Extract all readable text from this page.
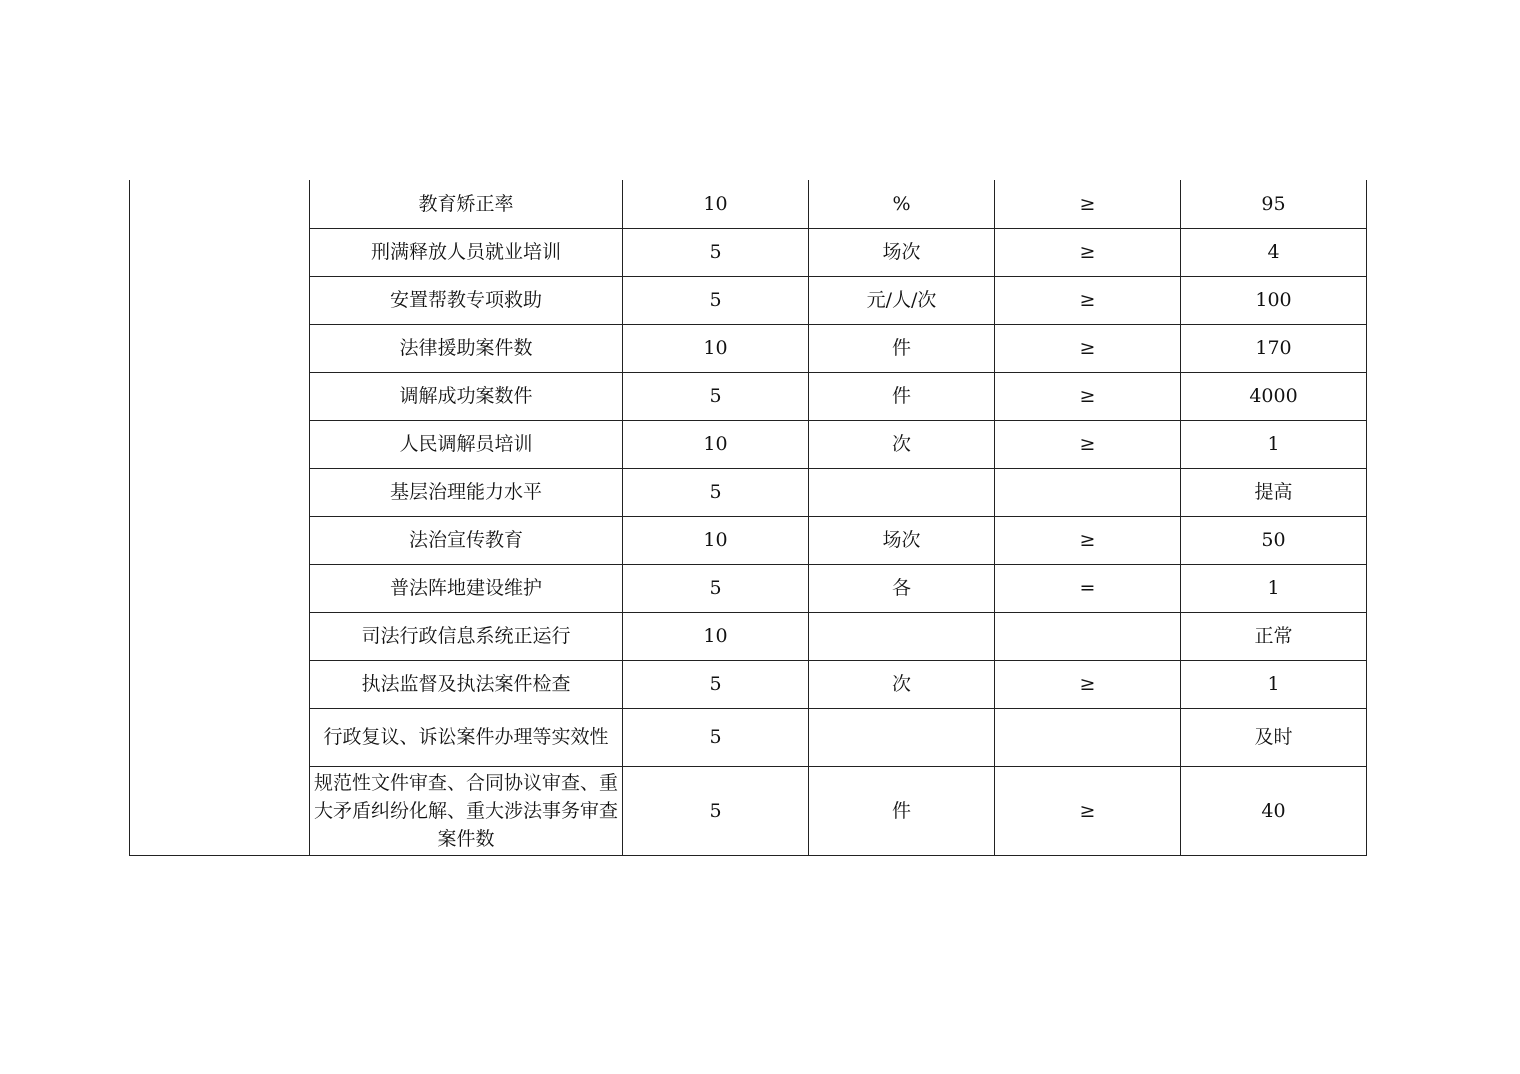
	教育矫正率	10	%	≥	95
	刑满释放人员就业培训	5	场次	≥	4
	安置帮教专项救助	5	元/人/次	≥	100
	法律援助案件数	10	件	≥	170
	调解成功案数件	5	件	≥	4000
	人民调解员培训	10	次	≥	1
	基层治理能力水平	5			提高
	法治宣传教育	10	场次	≥	50
	普法阵地建设维护	5	各	=	1
	司法行政信息系统正运行	10			正常
	执法监督及执法案件检查	5	次	≥	1
	行政复议、诉讼案件办理等实效性	5			及时
	规范性文件审查、合同协议审查、重大矛盾纠纷化解、重大涉法事务审查案件数	5	件	≥	40
